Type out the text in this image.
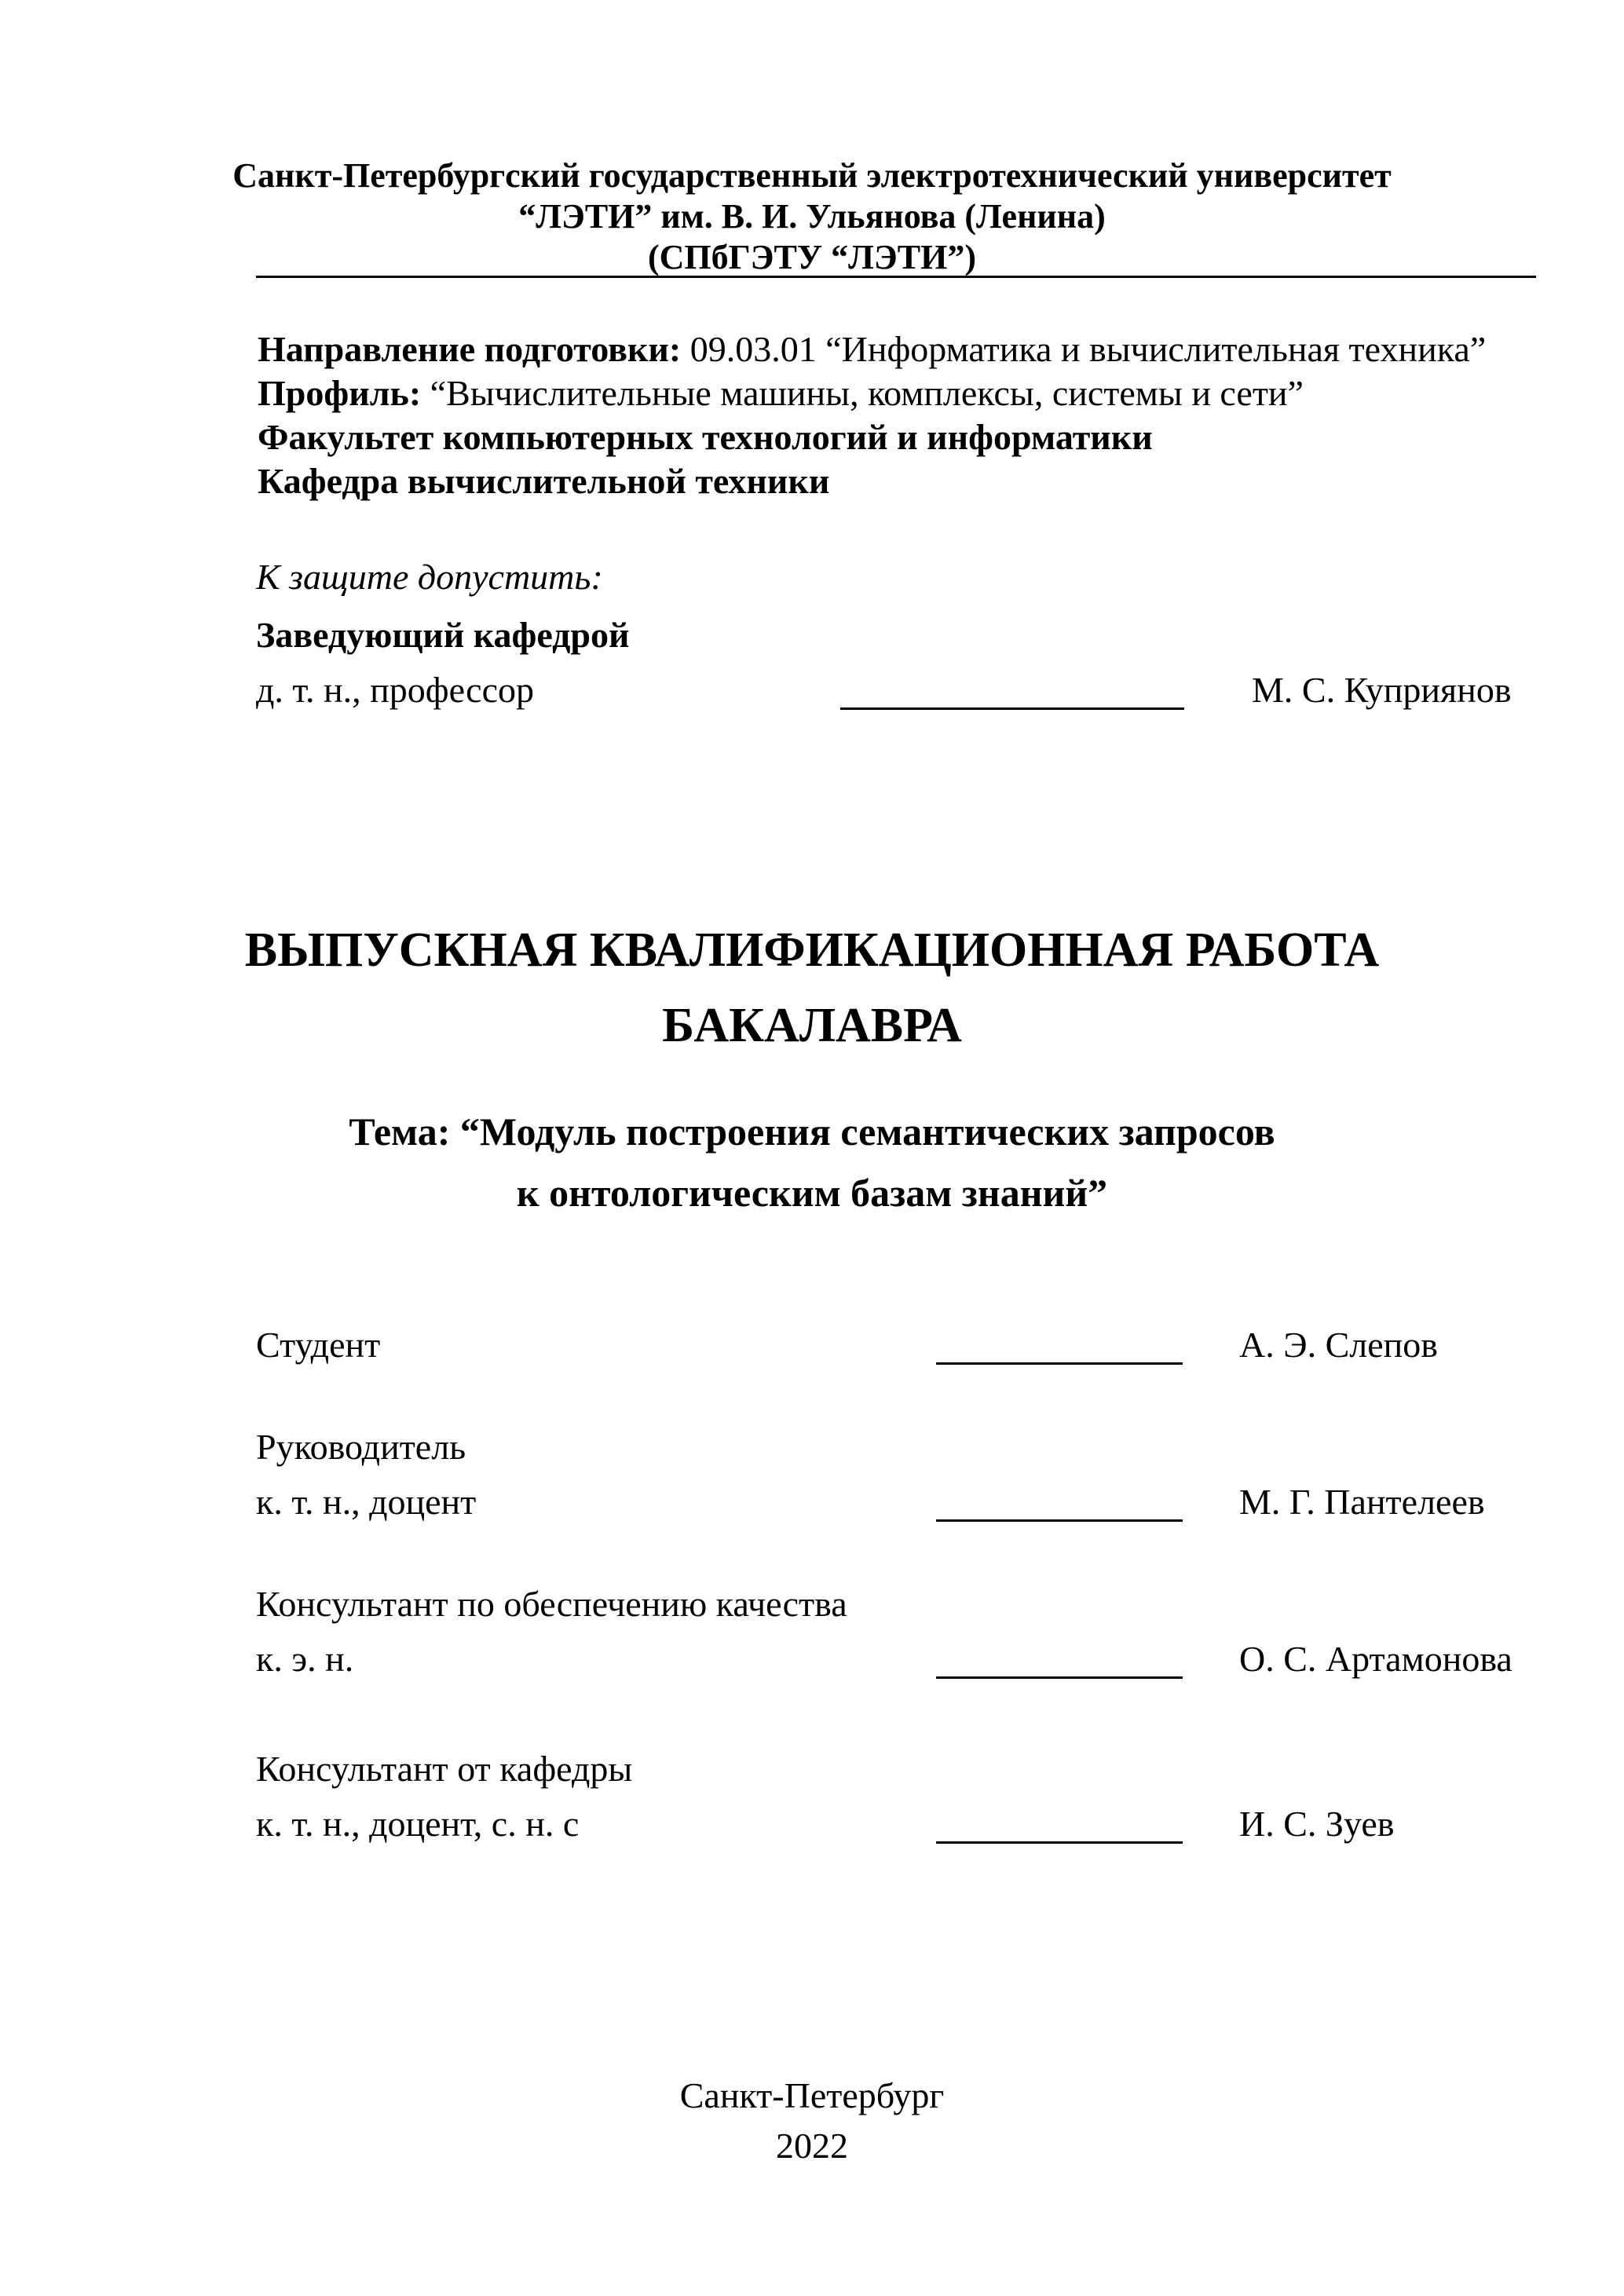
Санкт-Петербургский государственный электротехнический университет
“ЛЭТИ” им. В. И. Ульянова (Ленина)
(СПбГЭТУ “ЛЭТИ”)
Направление подготовки: 09.03.01 “Информатика и вычислительная техника”
Профиль: “Вычислительные машины, комплексы, системы и сети”
Факультет компьютерных технологий и информатики
Кафедра вычислительной техники
К защите допустить:
Заведующий кафедрой
д. т. н., профессор	М. С. Куприянов
ВЫПУСКНАЯ КВАЛИФИКАЦИОННАЯ РАБОТА
БАКАЛАВРА
Тема: “Модуль построения семантических запросов
к онтологическим базам знаний”
Студент	А. Э. Слепов
Руководитель
к. т. н., доцент	М. Г. Пантелеев
Консультант по обеспечению качества
к. э. н.	О. С. Артамонова
Консультант от кафедры
к. т. н., доцент, с. н. с	И. С. Зуев
Санкт-Петербург
2022
